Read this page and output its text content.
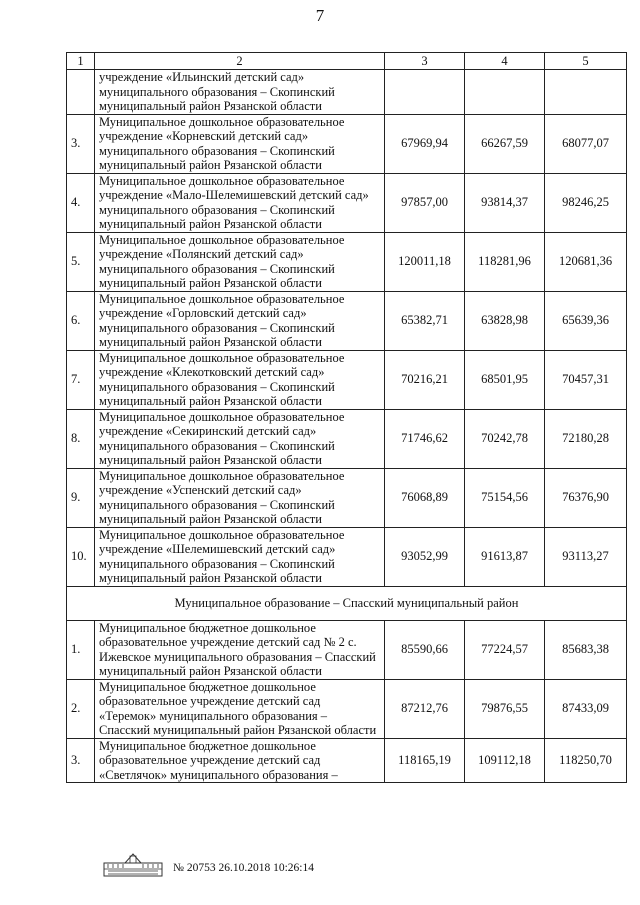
7
1	2	3	4	5
	учреждение «Ильинский детский сад» муниципального образования – Скопинский муниципальный район Рязанской области			
3.	Муниципальное дошкольное образовательное учреждение «Корневский детский сад» муниципального образования – Скопинский муниципальный район Рязанской области	67969,94	66267,59	68077,07
4.	Муниципальное дошкольное образовательное учреждение «Мало-Шелемишевский детский сад» муниципального образования – Скопинский муниципальный район Рязанской области	97857,00	93814,37	98246,25
5.	Муниципальное дошкольное образовательное учреждение «Полянский детский сад» муниципального образования – Скопинский муниципальный район Рязанской области	120011,18	118281,96	120681,36
6.	Муниципальное дошкольное образовательное учреждение «Горловский детский сад» муниципального образования – Скопинский муниципальный район Рязанской области	65382,71	63828,98	65639,36
7.	Муниципальное дошкольное образовательное учреждение «Клекотковский детский сад» муниципального образования – Скопинский муниципальный район Рязанской области	70216,21	68501,95	70457,31
8.	Муниципальное дошкольное образовательное учреждение «Секиринский детский сад» муниципального образования – Скопинский муниципальный район Рязанской области	71746,62	70242,78	72180,28
9.	Муниципальное дошкольное образовательное учреждение «Успенский детский сад» муниципального образования – Скопинский муниципальный район Рязанской области	76068,89	75154,56	76376,90
10.	Муниципальное дошкольное образовательное учреждение «Шелемишевский детский сад» муниципального образования – Скопинский муниципальный район Рязанской области	93052,99	91613,87	93113,27
Муниципальное образование – Спасский муниципальный район				
1.	Муниципальное бюджетное дошкольное образовательное учреждение детский сад № 2 с. Ижевское муниципального образования – Спасский муниципальный район Рязанской области	85590,66	77224,57	85683,38
2.	Муниципальное бюджетное дошкольное образовательное учреждение детский сад «Теремок» муниципального образования – Спасский муниципальный район Рязанской области	87212,76	79876,55	87433,09
3.	Муниципальное бюджетное дошкольное образовательное учреждение детский сад «Светлячок» муниципального образования –	118165,19	109112,18	118250,70
№ 20753 26.10.2018 10:26:14
